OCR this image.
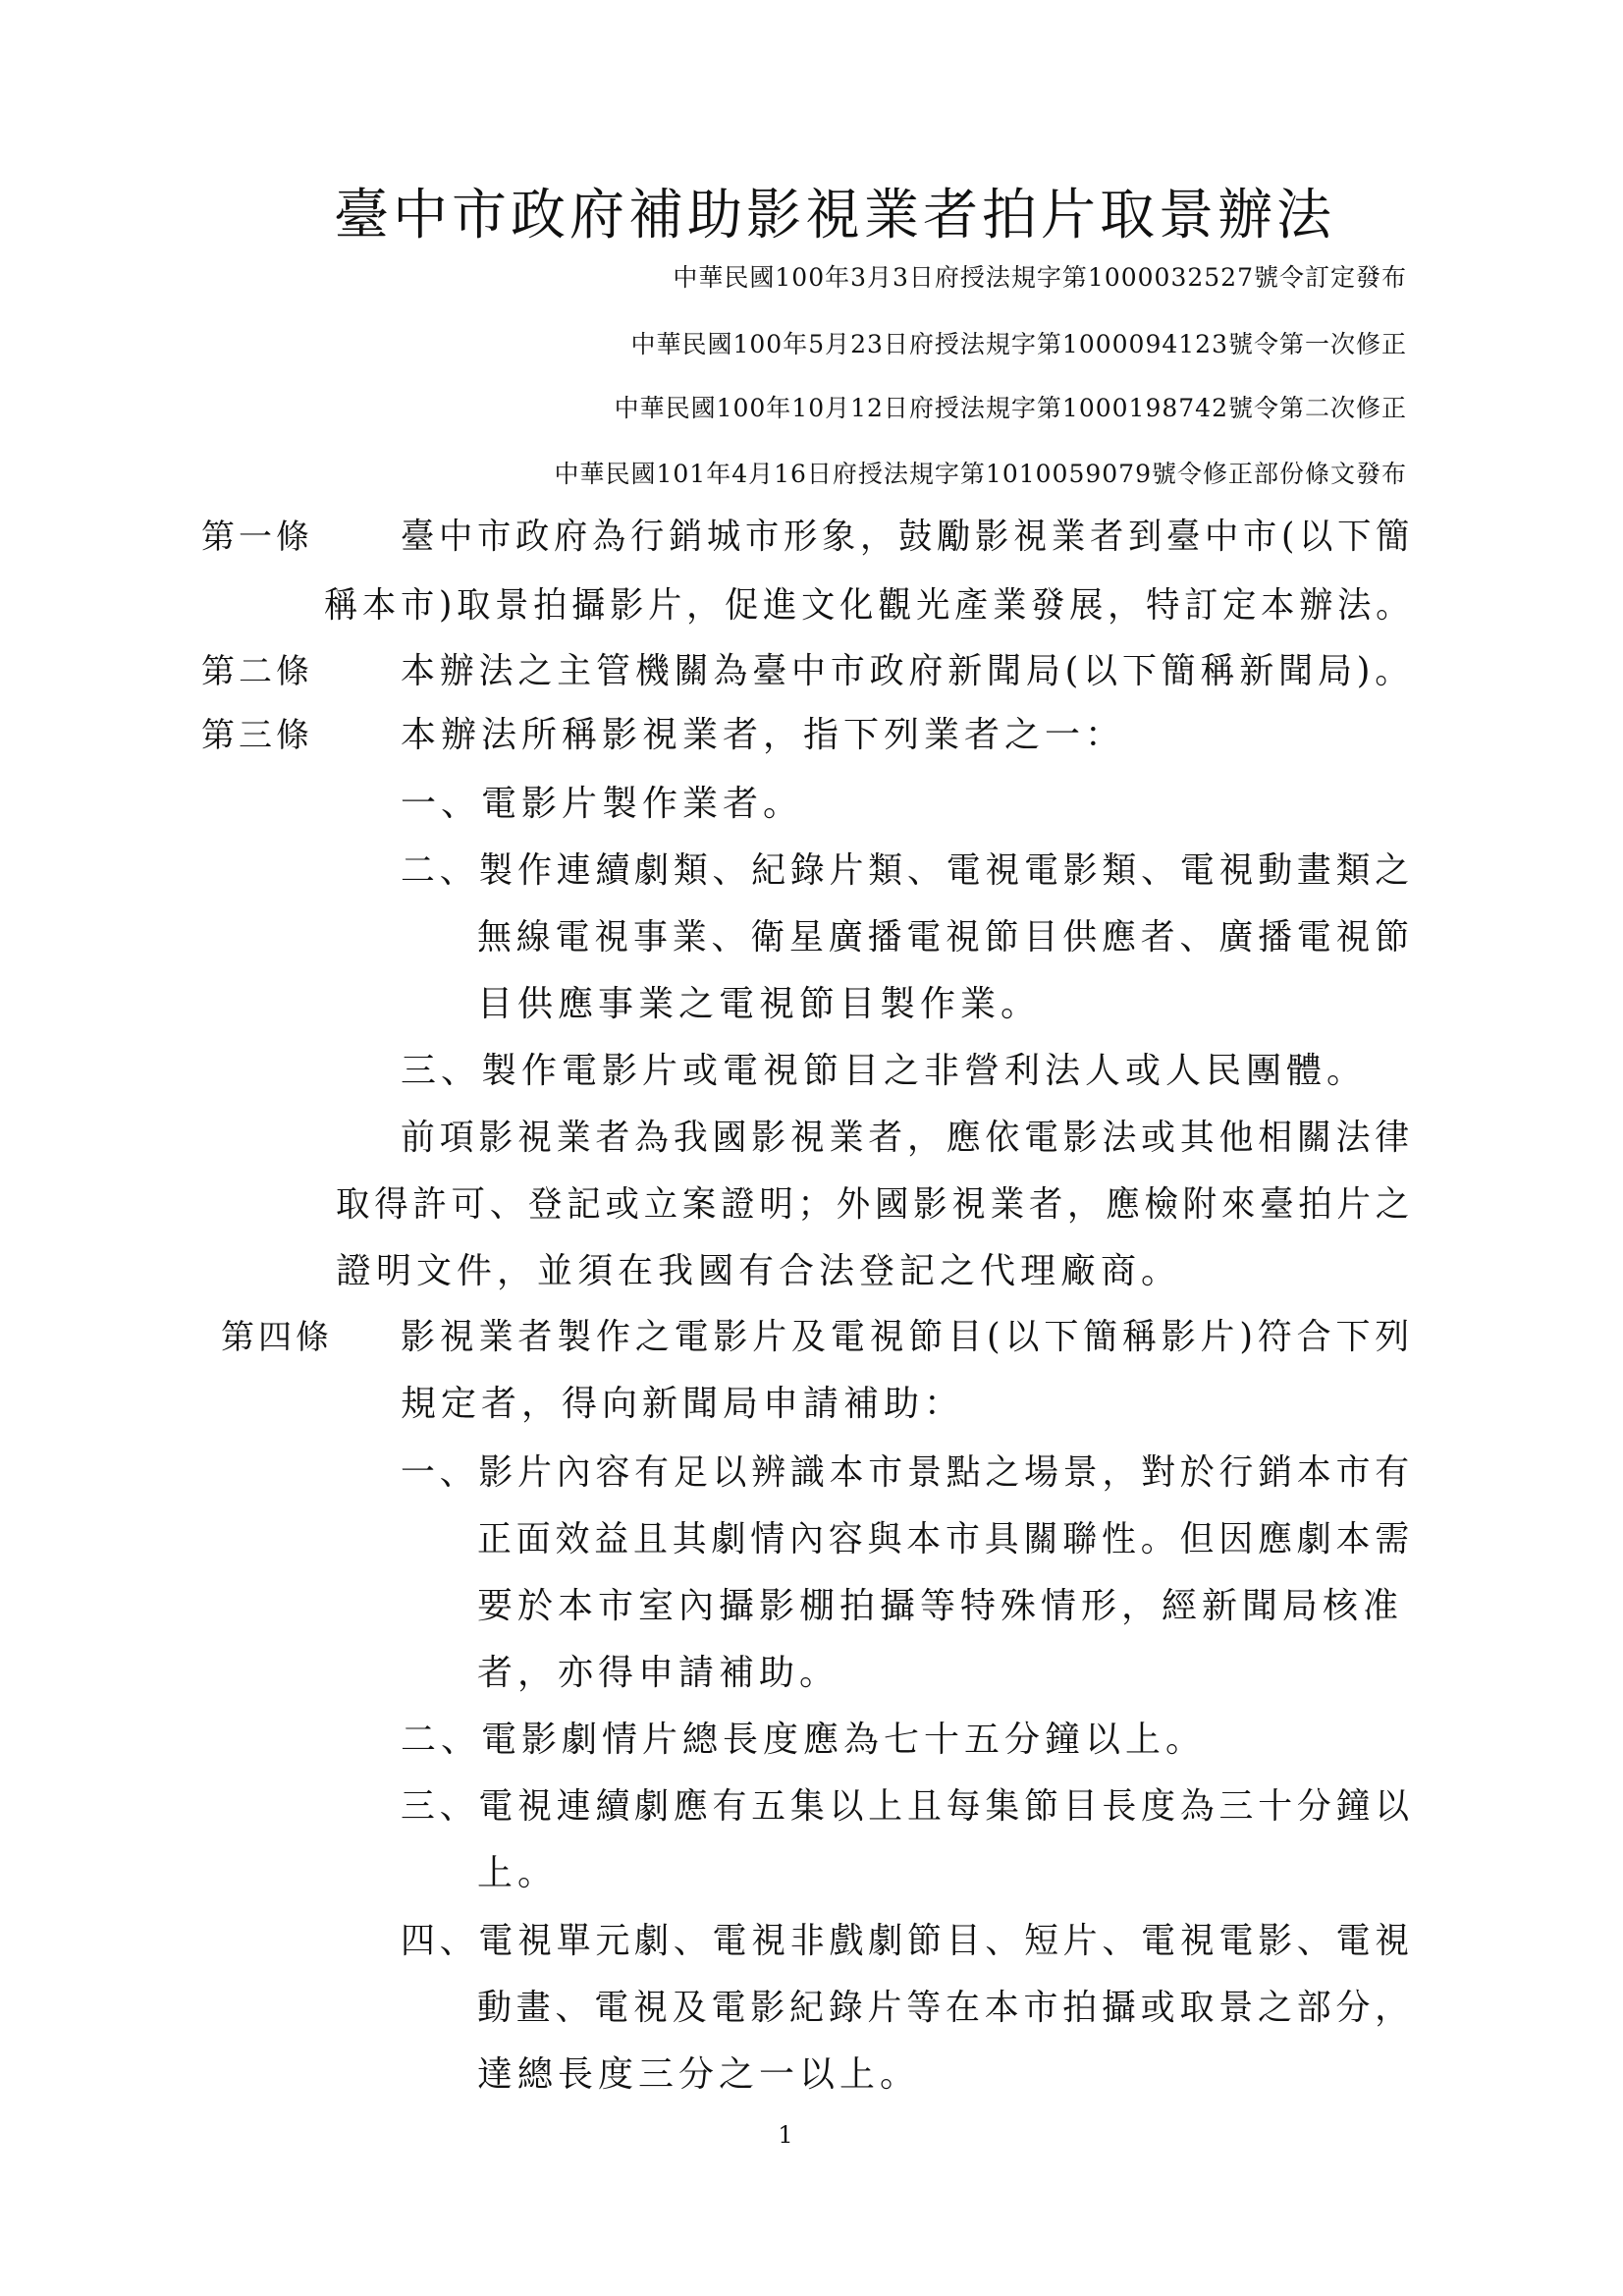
臺中市政府補助影視業者拍片取景辦法
中華民國100年3月3日府授法規字第1000032527號令訂定發布
中華民國100年5月23日府授法規字第1000094123號令第一次修正
中華民國100年10月12日府授法規字第1000198742號令第二次修正
中華民國101年4月16日府授法規字第1010059079號令修正部份條文發布
第一條 臺中市政府為行銷城市形象，鼓勵影視業者到臺中市(以下簡
稱本市)取景拍攝影片，促進文化觀光產業發展，特訂定本辦法。
第二條 本辦法之主管機關為臺中市政府新聞局(以下簡稱新聞局)。
第三條 本辦法所稱影視業者，指下列業者之一：
一、電影片製作業者。
二、製作連續劇類、紀錄片類、電視電影類、電視動畫類之
無線電視事業、衛星廣播電視節目供應者、廣播電視節
目供應事業之電視節目製作業。
三、製作電影片或電視節目之非營利法人或人民團體。
前項影視業者為我國影視業者，應依電影法或其他相關法律
取得許可、登記或立案證明；外國影視業者，應檢附來臺拍片之
證明文件，並須在我國有合法登記之代理廠商。
第四條 影視業者製作之電影片及電視節目(以下簡稱影片)符合下列
規定者，得向新聞局申請補助：
一、影片內容有足以辨識本市景點之場景，對於行銷本市有
正面效益且其劇情內容與本市具關聯性。但因應劇本需
要於本市室內攝影棚拍攝等特殊情形，經新聞局核准
者，亦得申請補助。
二、電影劇情片總長度應為七十五分鐘以上。
三、電視連續劇應有五集以上且每集節目長度為三十分鐘以
上。
四、電視單元劇、電視非戲劇節目、短片、電視電影、電視
動畫、電視及電影紀錄片等在本市拍攝或取景之部分，
達總長度三分之一以上。
1
